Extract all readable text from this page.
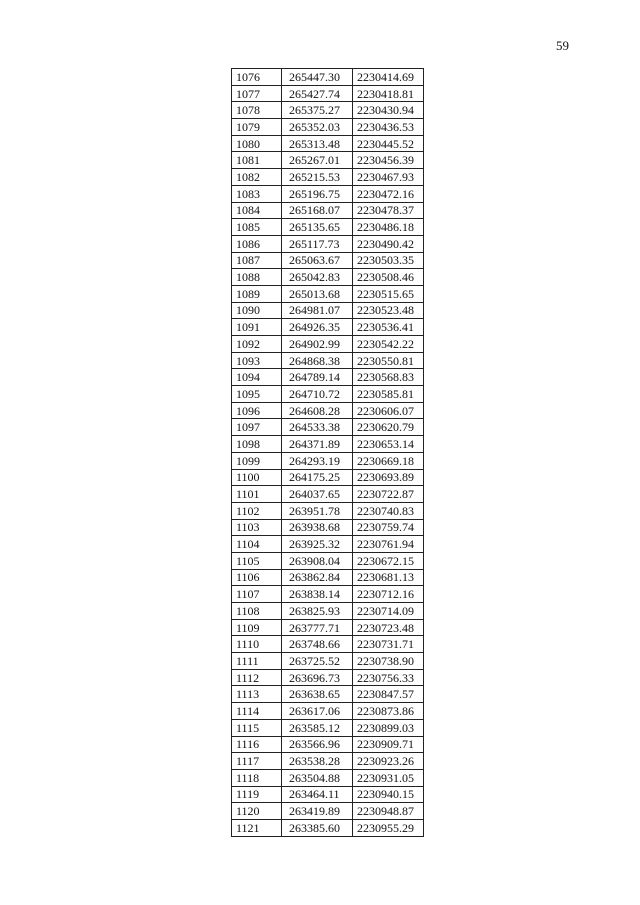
59
1076	265447.30	2230414.69
1077	265427.74	2230418.81
1078	265375.27	2230430.94
1079	265352.03	2230436.53
1080	265313.48	2230445.52
1081	265267.01	2230456.39
1082	265215.53	2230467.93
1083	265196.75	2230472.16
1084	265168.07	2230478.37
1085	265135.65	2230486.18
1086	265117.73	2230490.42
1087	265063.67	2230503.35
1088	265042.83	2230508.46
1089	265013.68	2230515.65
1090	264981.07	2230523.48
1091	264926.35	2230536.41
1092	264902.99	2230542.22
1093	264868.38	2230550.81
1094	264789.14	2230568.83
1095	264710.72	2230585.81
1096	264608.28	2230606.07
1097	264533.38	2230620.79
1098	264371.89	2230653.14
1099	264293.19	2230669.18
1100	264175.25	2230693.89
1101	264037.65	2230722.87
1102	263951.78	2230740.83
1103	263938.68	2230759.74
1104	263925.32	2230761.94
1105	263908.04	2230672.15
1106	263862.84	2230681.13
1107	263838.14	2230712.16
1108	263825.93	2230714.09
1109	263777.71	2230723.48
1110	263748.66	2230731.71
1111	263725.52	2230738.90
1112	263696.73	2230756.33
1113	263638.65	2230847.57
1114	263617.06	2230873.86
1115	263585.12	2230899.03
1116	263566.96	2230909.71
1117	263538.28	2230923.26
1118	263504.88	2230931.05
1119	263464.11	2230940.15
1120	263419.89	2230948.87
1121	263385.60	2230955.29
